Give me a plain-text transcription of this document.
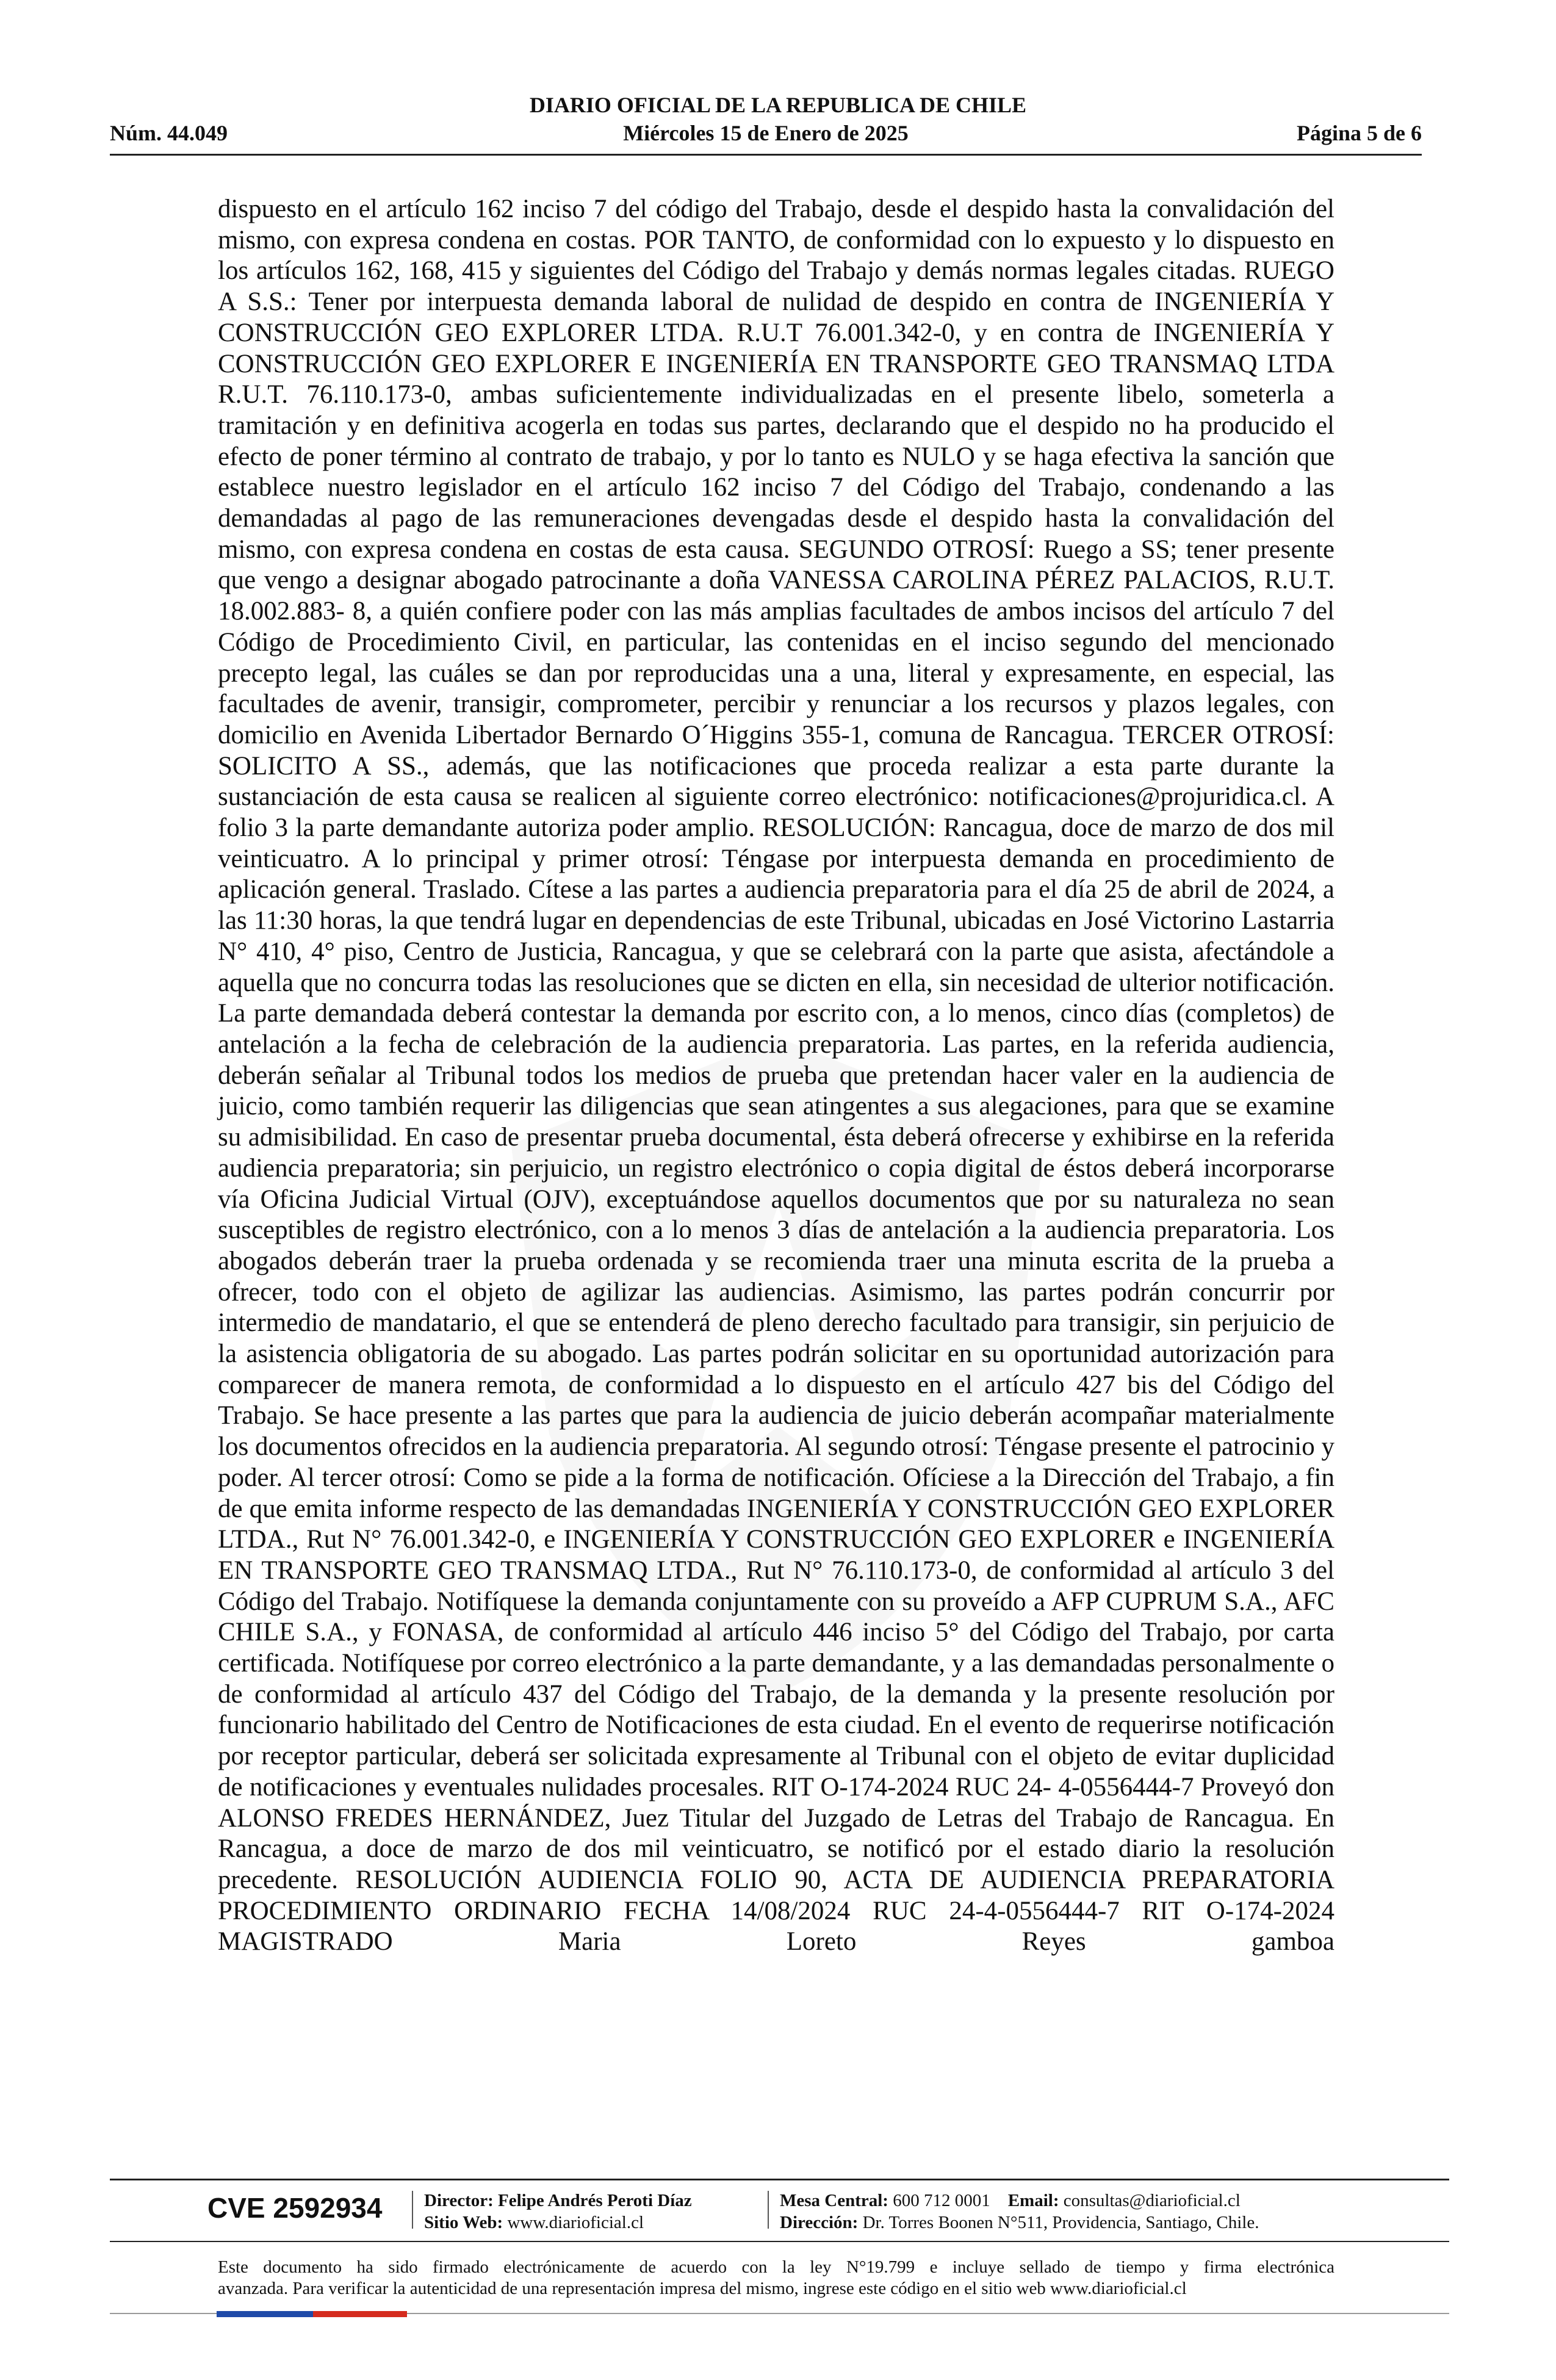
DIARIO OFICIAL DE LA REPUBLICA DE CHILE
Núm. 44.049	Miércoles 15 de Enero de 2025	Página 5 de 6
dispuesto en el artículo 162 inciso 7 del código del Trabajo, desde el despido hasta la convalidación del mismo, con expresa condena en costas. POR TANTO, de conformidad con lo expuesto y lo dispuesto en los artículos 162, 168, 415 y siguientes del Código del Trabajo y demás normas legales citadas. RUEGO A S.S.: Tener por interpuesta demanda laboral de nulidad de despido en contra de INGENIERÍA Y CONSTRUCCIÓN GEO EXPLORER LTDA. R.U.T 76.001.342-0, y en contra de INGENIERÍA Y CONSTRUCCIÓN GEO EXPLORER E INGENIERÍA EN TRANSPORTE GEO TRANSMAQ LTDA R.U.T. 76.110.173-0, ambas suficientemente individualizadas en el presente libelo, someterla a tramitación y en definitiva acogerla en todas sus partes, declarando que el despido no ha producido el efecto de poner término al contrato de trabajo, y por lo tanto es NULO y se haga efectiva la sanción que establece nuestro legislador en el artículo 162 inciso 7 del Código del Trabajo, condenando a las demandadas al pago de las remuneraciones devengadas desde el despido hasta la convalidación del mismo, con expresa condena en costas de esta causa. SEGUNDO OTROSÍ: Ruego a SS; tener presente que vengo a designar abogado patrocinante a doña VANESSA CAROLINA PÉREZ PALACIOS, R.U.T. 18.002.883- 8, a quién confiere poder con las más amplias facultades de ambos incisos del artículo 7 del Código de Procedimiento Civil, en particular, las contenidas en el inciso segundo del mencionado precepto legal, las cuáles se dan por reproducidas una a una, literal y expresamente, en especial, las facultades de avenir, transigir, comprometer, percibir y renunciar a los recursos y plazos legales, con domicilio en Avenida Libertador Bernardo O´Higgins 355-1, comuna de Rancagua. TERCER OTROSÍ: SOLICITO A SS., además, que las notificaciones que proceda realizar a esta parte durante la sustanciación de esta causa se realicen al siguiente correo electrónico: notificaciones@projuridica.cl. A folio 3 la parte demandante autoriza poder amplio. RESOLUCIÓN: Rancagua, doce de marzo de dos mil veinticuatro. A lo principal y primer otrosí: Téngase por interpuesta demanda en procedimiento de aplicación general. Traslado. Cítese a las partes a audiencia preparatoria para el día 25 de abril de 2024, a las 11:30 horas, la que tendrá lugar en dependencias de este Tribunal, ubicadas en José Victorino Lastarria N° 410, 4° piso, Centro de Justicia, Rancagua, y que se celebrará con la parte que asista, afectándole a aquella que no concurra todas las resoluciones que se dicten en ella, sin necesidad de ulterior notificación. La parte demandada deberá contestar la demanda por escrito con, a lo menos, cinco días (completos) de antelación a la fecha de celebración de la audiencia preparatoria. Las partes, en la referida audiencia, deberán señalar al Tribunal todos los medios de prueba que pretendan hacer valer en la audiencia de juicio, como también requerir las diligencias que sean atingentes a sus alegaciones, para que se examine su admisibilidad. En caso de presentar prueba documental, ésta deberá ofrecerse y exhibirse en la referida audiencia preparatoria; sin perjuicio, un registro electrónico o copia digital de éstos deberá incorporarse vía Oficina Judicial Virtual (OJV), exceptuándose aquellos documentos que por su naturaleza no sean susceptibles de registro electrónico, con a lo menos 3 días de antelación a la audiencia preparatoria. Los abogados deberán traer la prueba ordenada y se recomienda traer una minuta escrita de la prueba a ofrecer, todo con el objeto de agilizar las audiencias. Asimismo, las partes podrán concurrir por intermedio de mandatario, el que se entenderá de pleno derecho facultado para transigir, sin perjuicio de la asistencia obligatoria de su abogado. Las partes podrán solicitar en su oportunidad autorización para comparecer de manera remota, de conformidad a lo dispuesto en el artículo 427 bis del Código del Trabajo. Se hace presente a las partes que para la audiencia de juicio deberán acompañar materialmente los documentos ofrecidos en la audiencia preparatoria. Al segundo otrosí: Téngase presente el patrocinio y poder. Al tercer otrosí: Como se pide a la forma de notificación. Ofíciese a la Dirección del Trabajo, a fin de que emita informe respecto de las demandadas INGENIERÍA Y CONSTRUCCIÓN GEO EXPLORER LTDA., Rut N° 76.001.342-0, e INGENIERÍA Y CONSTRUCCIÓN GEO EXPLORER e INGENIERÍA EN TRANSPORTE GEO TRANSMAQ LTDA., Rut N° 76.110.173-0, de conformidad al artículo 3 del Código del Trabajo. Notifíquese la demanda conjuntamente con su proveído a AFP CUPRUM S.A., AFC CHILE S.A., y FONASA, de conformidad al artículo 446 inciso 5° del Código del Trabajo, por carta certificada. Notifíquese por correo electrónico a la parte demandante, y a las demandadas personalmente o de conformidad al artículo 437 del Código del Trabajo, de la demanda y la presente resolución por funcionario habilitado del Centro de Notificaciones de esta ciudad. En el evento de requerirse notificación por receptor particular, deberá ser solicitada expresamente al Tribunal con el objeto de evitar duplicidad de notificaciones y eventuales nulidades procesales. RIT O-174-2024 RUC 24- 4-0556444-7 Proveyó don ALONSO FREDES HERNÁNDEZ, Juez Titular del Juzgado de Letras del Trabajo de Rancagua. En Rancagua, a doce de marzo de dos mil veinticuatro, se notificó por el estado diario la resolución precedente. RESOLUCIÓN AUDIENCIA FOLIO 90, ACTA DE AUDIENCIA PREPARATORIA PROCEDIMIENTO ORDINARIO FECHA 14/08/2024 RUC 24-4-0556444-7 RIT O-174-2024 MAGISTRADO Maria Loreto Reyes gamboa
CVE 2592934	Director: Felipe Andrés Peroti Díaz
Sitio Web: www.diarioficial.cl
Mesa Central: 600 712 0001 Email: consultas@diarioficial.cl
Dirección: Dr. Torres Boonen N°511, Providencia, Santiago, Chile.
Este documento ha sido firmado electrónicamente de acuerdo con la ley N°19.799 e incluye sellado de tiempo y firma electrónica
avanzada. Para verificar la autenticidad de una representación impresa del mismo, ingrese este código en el sitio web www.diarioficial.cl
